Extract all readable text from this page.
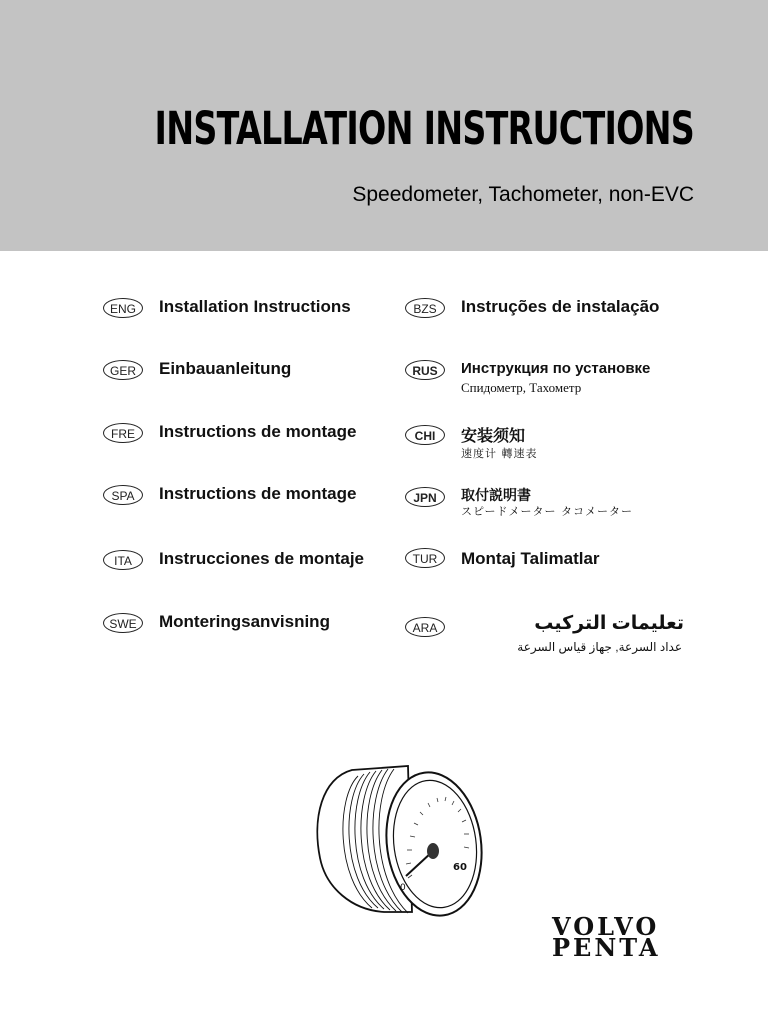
INSTALLATION INSTRUCTIONS
Speedometer, Tachometer, non-EVC
ENG	Installation Instructions
GER	Einbauanleitung
FRE	Instructions de montage
SPA	Instructions de montage
ITA	Instrucciones de montaje
SWE	Monteringsanvisning
BZS	Instruções de instalação
RUS	Инструкция по установке
Спидометр, Тахометр
CHI	安装须知
速度计 轉速表
JPN	取付説明書
スピードメーター タコメーター
TUR	Montaj Talimatlar
ARA	تعليمات التركيب
عداد السرعة, جهاز قياس السرعة
0
60
VOLVO
PENTA
